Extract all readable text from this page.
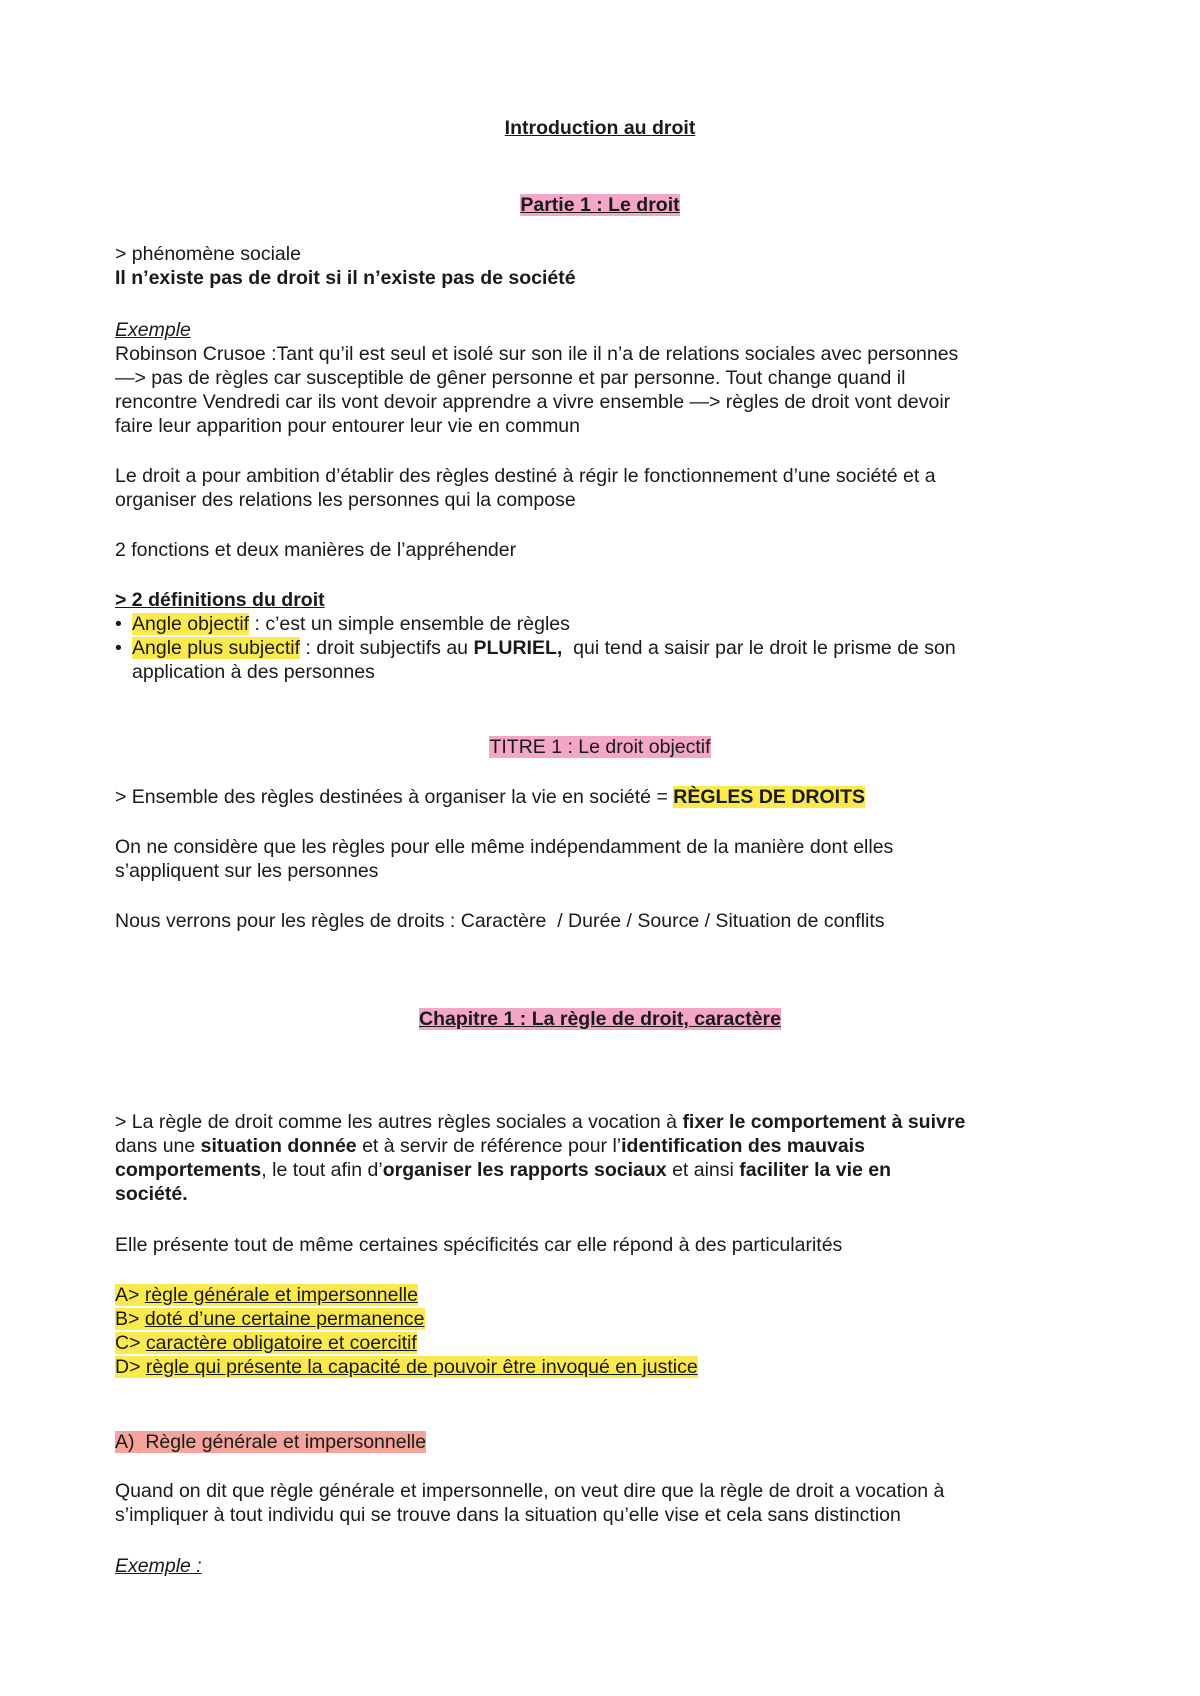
Introduction au droit
Partie 1 : Le droit
> phénomène sociale
Il n’existe pas de droit si il n’existe pas de société
Exemple
Robinson Crusoe :Tant qu’il est seul et isolé sur son ile il n’a de relations sociales avec personnes
—> pas de règles car susceptible de gêner personne et par personne. Tout change quand il
rencontre Vendredi car ils vont devoir apprendre a vivre ensemble —> règles de droit vont devoir
faire leur apparition pour entourer leur vie en commun
Le droit a pour ambition d’établir des règles destiné à régir le fonctionnement d’une société et a
organiser des relations les personnes qui la compose
2 fonctions et deux manières de l’appréhender
> 2 définitions du droit
• Angle objectif : c’est un simple ensemble de règles
• Angle plus subjectif : droit subjectifs au PLURIEL,  qui tend a saisir par le droit le prisme de son
application à des personnes
TITRE 1 : Le droit objectif
> Ensemble des règles destinées à organiser la vie en société = RÈGLES DE DROITS
On ne considère que les règles pour elle même indépendamment de la manière dont elles
s’appliquent sur les personnes
Nous verrons pour les règles de droits : Caractère  / Durée / Source / Situation de conflits
Chapitre 1 : La règle de droit, caractère
> La règle de droit comme les autres règles sociales a vocation à fixer le comportement à suivre
dans une situation donnée et à servir de référence pour l’identification des mauvais
comportements, le tout afin d’organiser les rapports sociaux et ainsi faciliter la vie en
société.
Elle présente tout de même certaines spécificités car elle répond à des particularités
A> règle générale et impersonnelle
B> doté d’une certaine permanence
C> caractère obligatoire et coercitif
D> règle qui présente la capacité de pouvoir être invoqué en justice
A)  Règle générale et impersonnelle
Quand on dit que règle générale et impersonnelle, on veut dire que la règle de droit a vocation à
s’impliquer à tout individu qui se trouve dans la situation qu’elle vise et cela sans distinction
Exemple :
